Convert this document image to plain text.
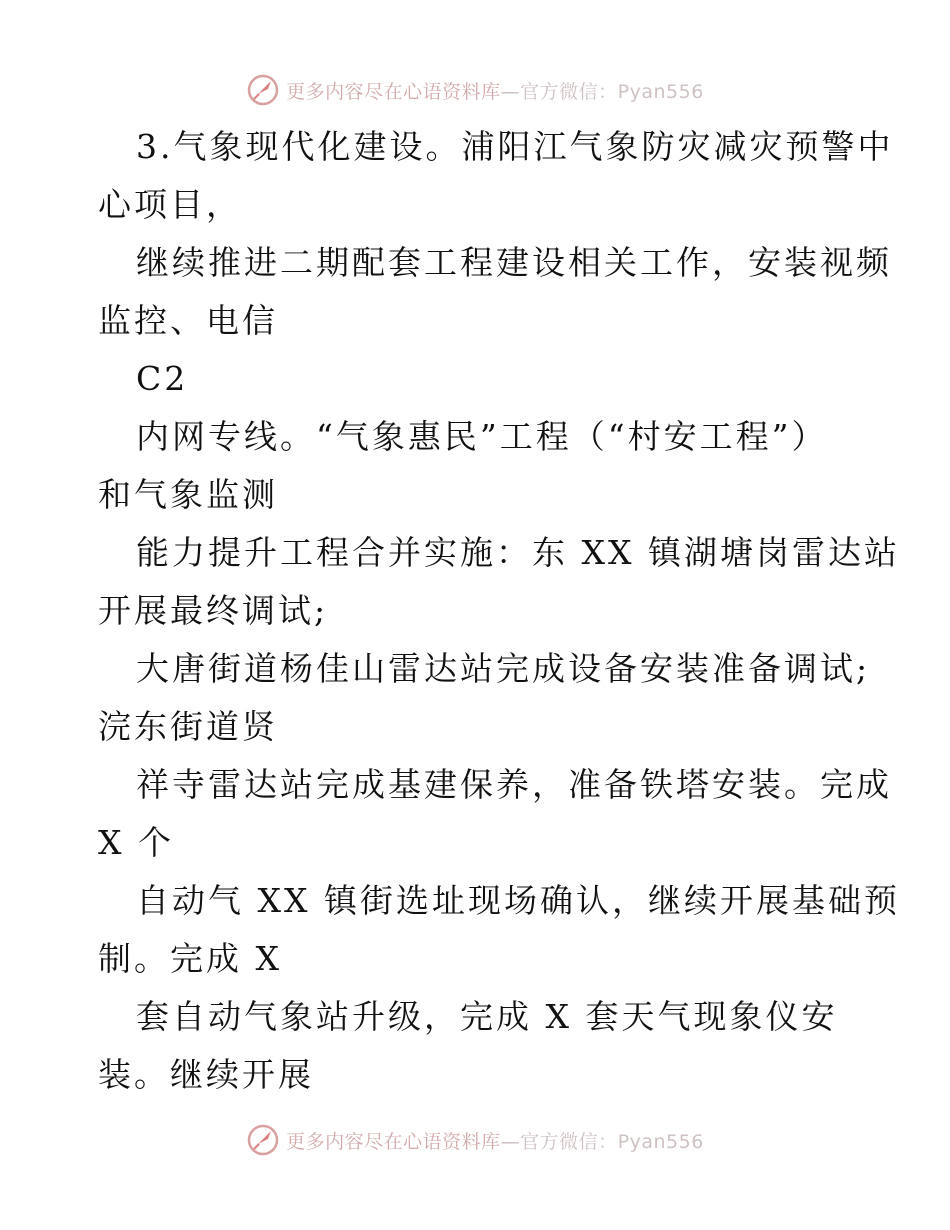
更多内容尽在心语资料库—官方微信：Pyan556
3.气象现代化建设。浦阳江气象防灾减灾预警中
心项目，
继续推进二期配套工程建设相关工作，安装视频
监控、电信
C2
内网专线。“气象惠民”工程（“村安工程”）
和气象监测
能力提升工程合并实施：东 XX 镇湖塘岗雷达站
开展最终调试;
大唐街道杨佳山雷达站完成设备安装准备调试;
浣东街道贤
祥寺雷达站完成基建保养，准备铁塔安装。完成
X 个
自动气 XX 镇街选址现场确认，继续开展基础预
制。完成 X
套自动气象站升级，完成 X 套天气现象仪安
装。继续开展
更多内容尽在心语资料库—官方微信：Pyan556
